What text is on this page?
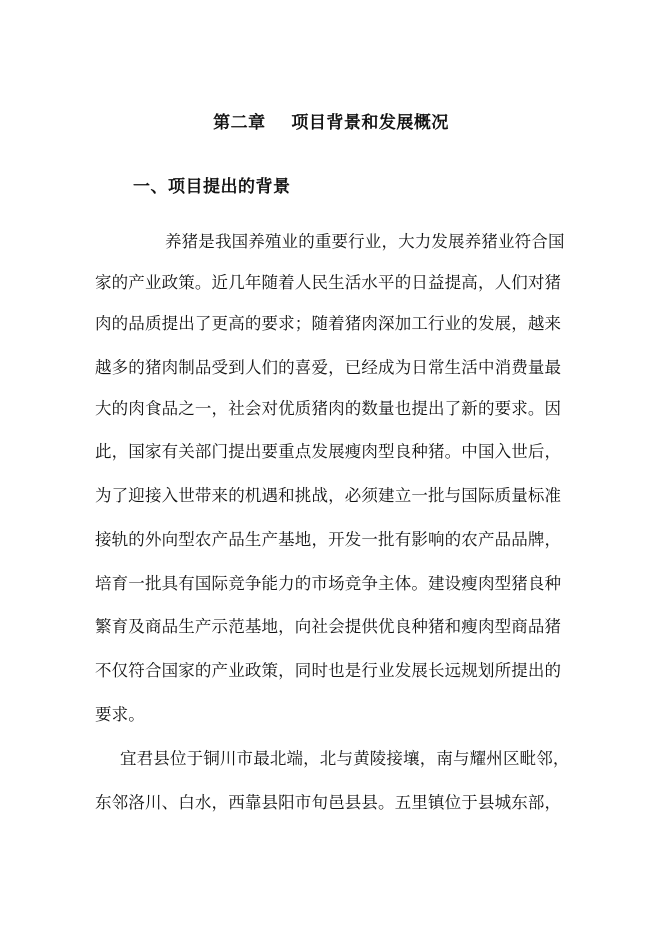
第二章    项目背景和发展概况
一、项目提出的背景
养猪是我国养殖业的重要行业，大力发展养猪业符合国
家的产业政策。近几年随着人民生活水平的日益提高，人们对猪
肉的品质提出了更高的要求；随着猪肉深加工行业的发展，越来
越多的猪肉制品受到人们的喜爱，已经成为日常生活中消费量最
大的肉食品之一，社会对优质猪肉的数量也提出了新的要求。因
此，国家有关部门提出要重点发展瘦肉型良种猪。中国入世后，
为了迎接入世带来的机遇和挑战，必须建立一批与国际质量标准
接轨的外向型农产品生产基地，开发一批有影响的农产品品牌，
培育一批具有国际竞争能力的市场竞争主体。建设瘦肉型猪良种
繁育及商品生产示范基地，向社会提供优良种猪和瘦肉型商品猪
不仅符合国家的产业政策，同时也是行业发展长远规划所提出的
要求。
宜君县位于铜川市最北端，北与黄陵接壤，南与耀州区毗邻，
东邻洛川、白水，西靠县阳市旬邑县县。五里镇位于县城东部，
